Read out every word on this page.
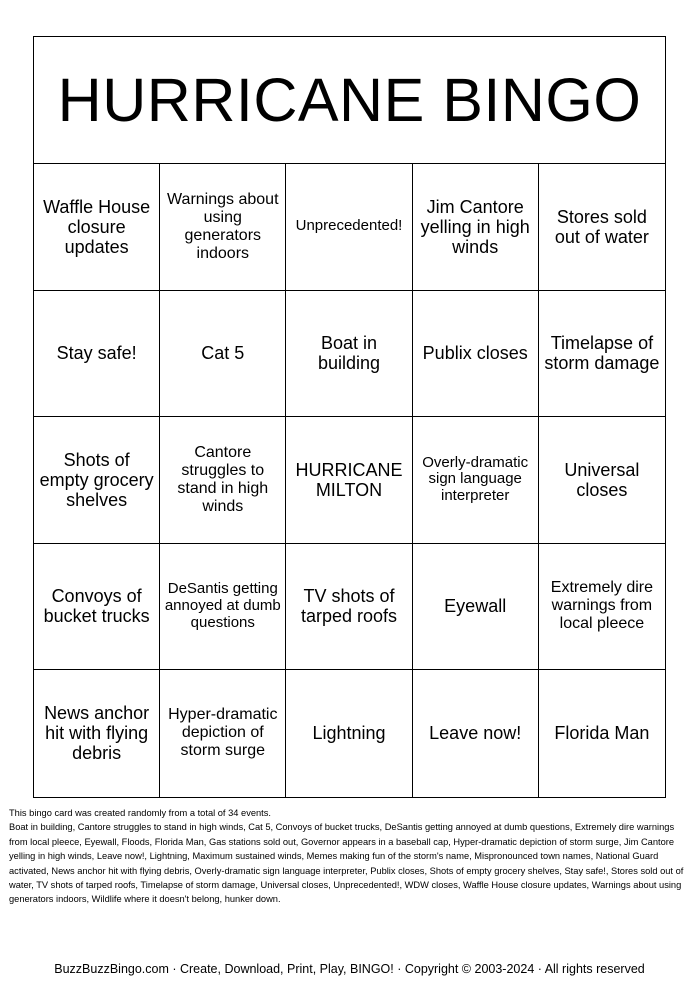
HURRICANE BINGO
Waffle House closure updates
Warnings about using generators indoors
Unprecedented!
Jim Cantore yelling in high winds
Stores sold out of water
Stay safe!	Cat 5
Boat in building
Publix closes
Timelapse of storm damage
Shots of empty grocery shelves
Cantore struggles to stand in high winds
HURRICANE MILTON
Overly-dramatic sign language interpreter
Universal closes
Convoys of bucket trucks
DeSantis getting annoyed at dumb questions
TV shots of tarped roofs
Eyewall
Extremely dire warnings from local pleece
News anchor hit with flying debris
Hyper-dramatic depiction of storm surge
Lightning	Leave now!	Florida Man

This bingo card was created randomly from a total of 34 events.

Boat in building, Cantore struggles to stand in high winds, Cat 5, Convoys of bucket trucks, DeSantis getting annoyed at dumb questions, Extremely dire warnings from local pleece, Eyewall, Floods, Florida Man, Gas stations sold out, Governor appears in a baseball cap, Hyper-dramatic depiction of storm surge, Jim Cantore yelling in high winds, Leave now!, Lightning, Maximum sustained winds, Memes making fun of the storm's name, Mispronounced town names, National Guard activated, News anchor hit with flying debris, Overly-dramatic sign language interpreter, Publix closes, Shots of empty grocery shelves, Stay safe!, Stores sold out of water, TV shots of tarped roofs, Timelapse of storm damage, Universal closes, Unprecedented!, WDW closes, Waffle House closure updates, Warnings about using generators indoors, Wildlife where it doesn't belong, hunker down.

BuzzBuzzBingo.com · Create, Download, Print, Play, BINGO! · Copyright © 2003-2024 · All rights reserved
